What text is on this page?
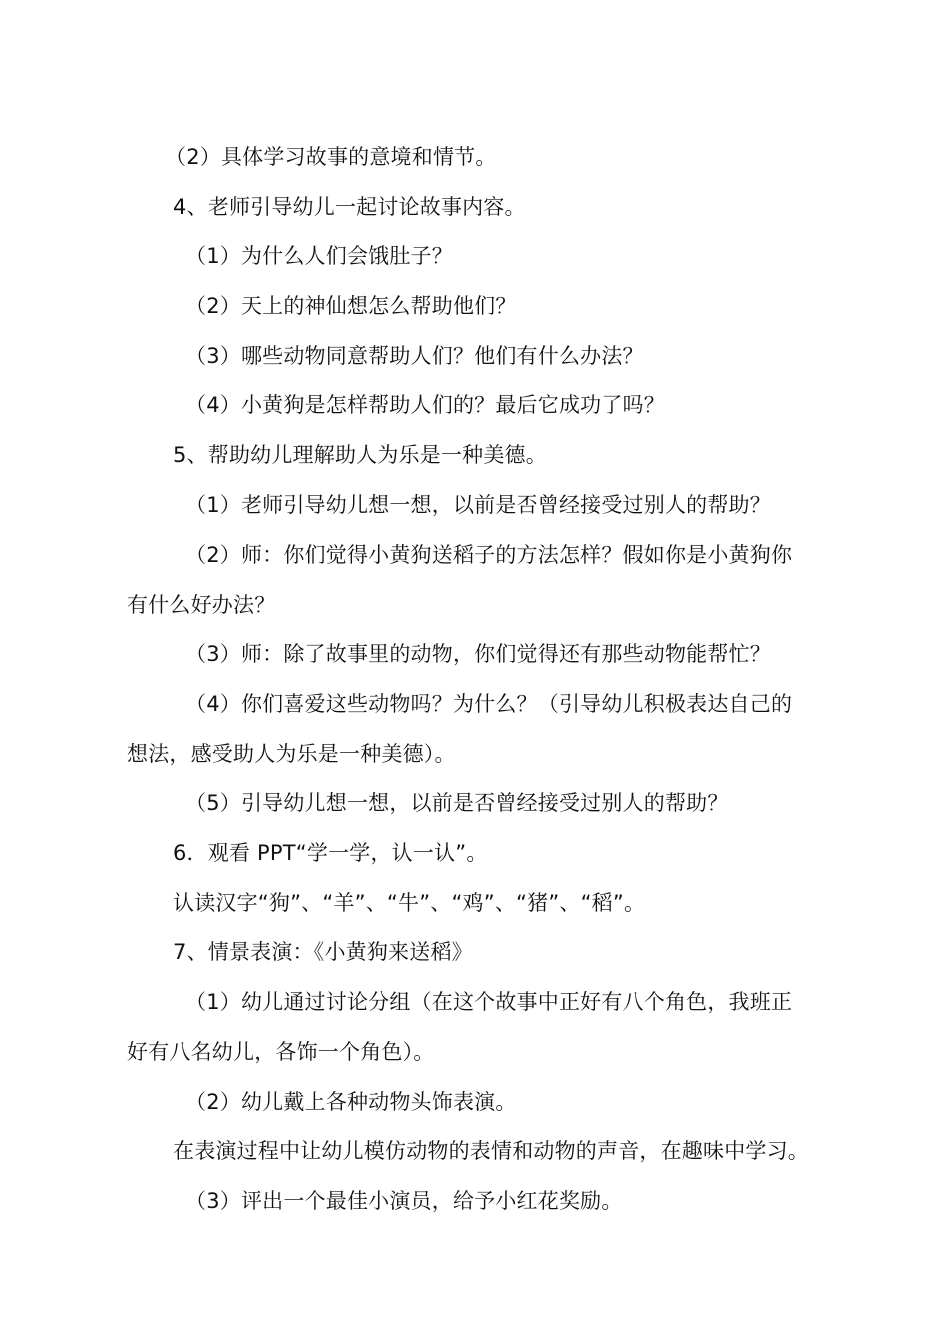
（2）具体学习故事的意境和情节。
4、老师引导幼儿一起讨论故事内容。
（1）为什么人们会饿肚子？
（2）天上的神仙想怎么帮助他们？
（3）哪些动物同意帮助人们？他们有什么办法？
（4）小黄狗是怎样帮助人们的？最后它成功了吗？
5、帮助幼儿理解助人为乐是一种美德。
（1）老师引导幼儿想一想，以前是否曾经接受过别人的帮助？
（2）师：你们觉得小黄狗送稻子的方法怎样？假如你是小黄狗你
有什么好办法？
（3）师：除了故事里的动物，你们觉得还有那些动物能帮忙？
（4）你们喜爱这些动物吗？为什么？（引导幼儿积极表达自己的
想法，感受助人为乐是一种美德）。
（5）引导幼儿想一想，以前是否曾经接受过别人的帮助？
6．观看 PPT“学一学，认一认”。
认读汉字“狗”、“羊”、“牛”、“鸡”、“猪”、“稻”。
7、情景表演：《小黄狗来送稻》
（1）幼儿通过讨论分组（在这个故事中正好有八个角色，我班正
好有八名幼儿，各饰一个角色）。
（2）幼儿戴上各种动物头饰表演。
在表演过程中让幼儿模仿动物的表情和动物的声音，在趣味中学习。
（3）评出一个最佳小演员，给予小红花奖励。
